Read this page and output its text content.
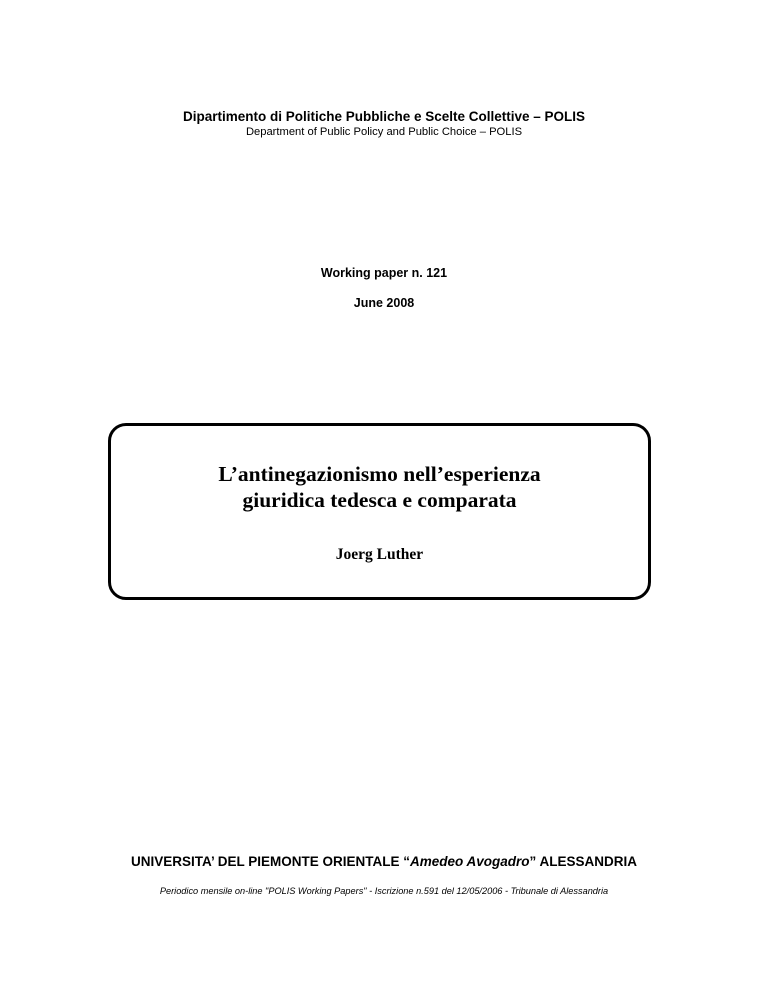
Dipartimento di Politiche Pubbliche e Scelte Collettive – POLIS
Department of Public Policy and Public Choice – POLIS
Working paper n. 121
June 2008
L’antinegazionismo nell’esperienza
giuridica tedesca e comparata
Joerg Luther
UNIVERSITA’ DEL PIEMONTE ORIENTALE “Amedeo Avogadro” ALESSANDRIA
Periodico mensile on-line "POLIS Working Papers" - Iscrizione n.591 del 12/05/2006 - Tribunale di Alessandria
